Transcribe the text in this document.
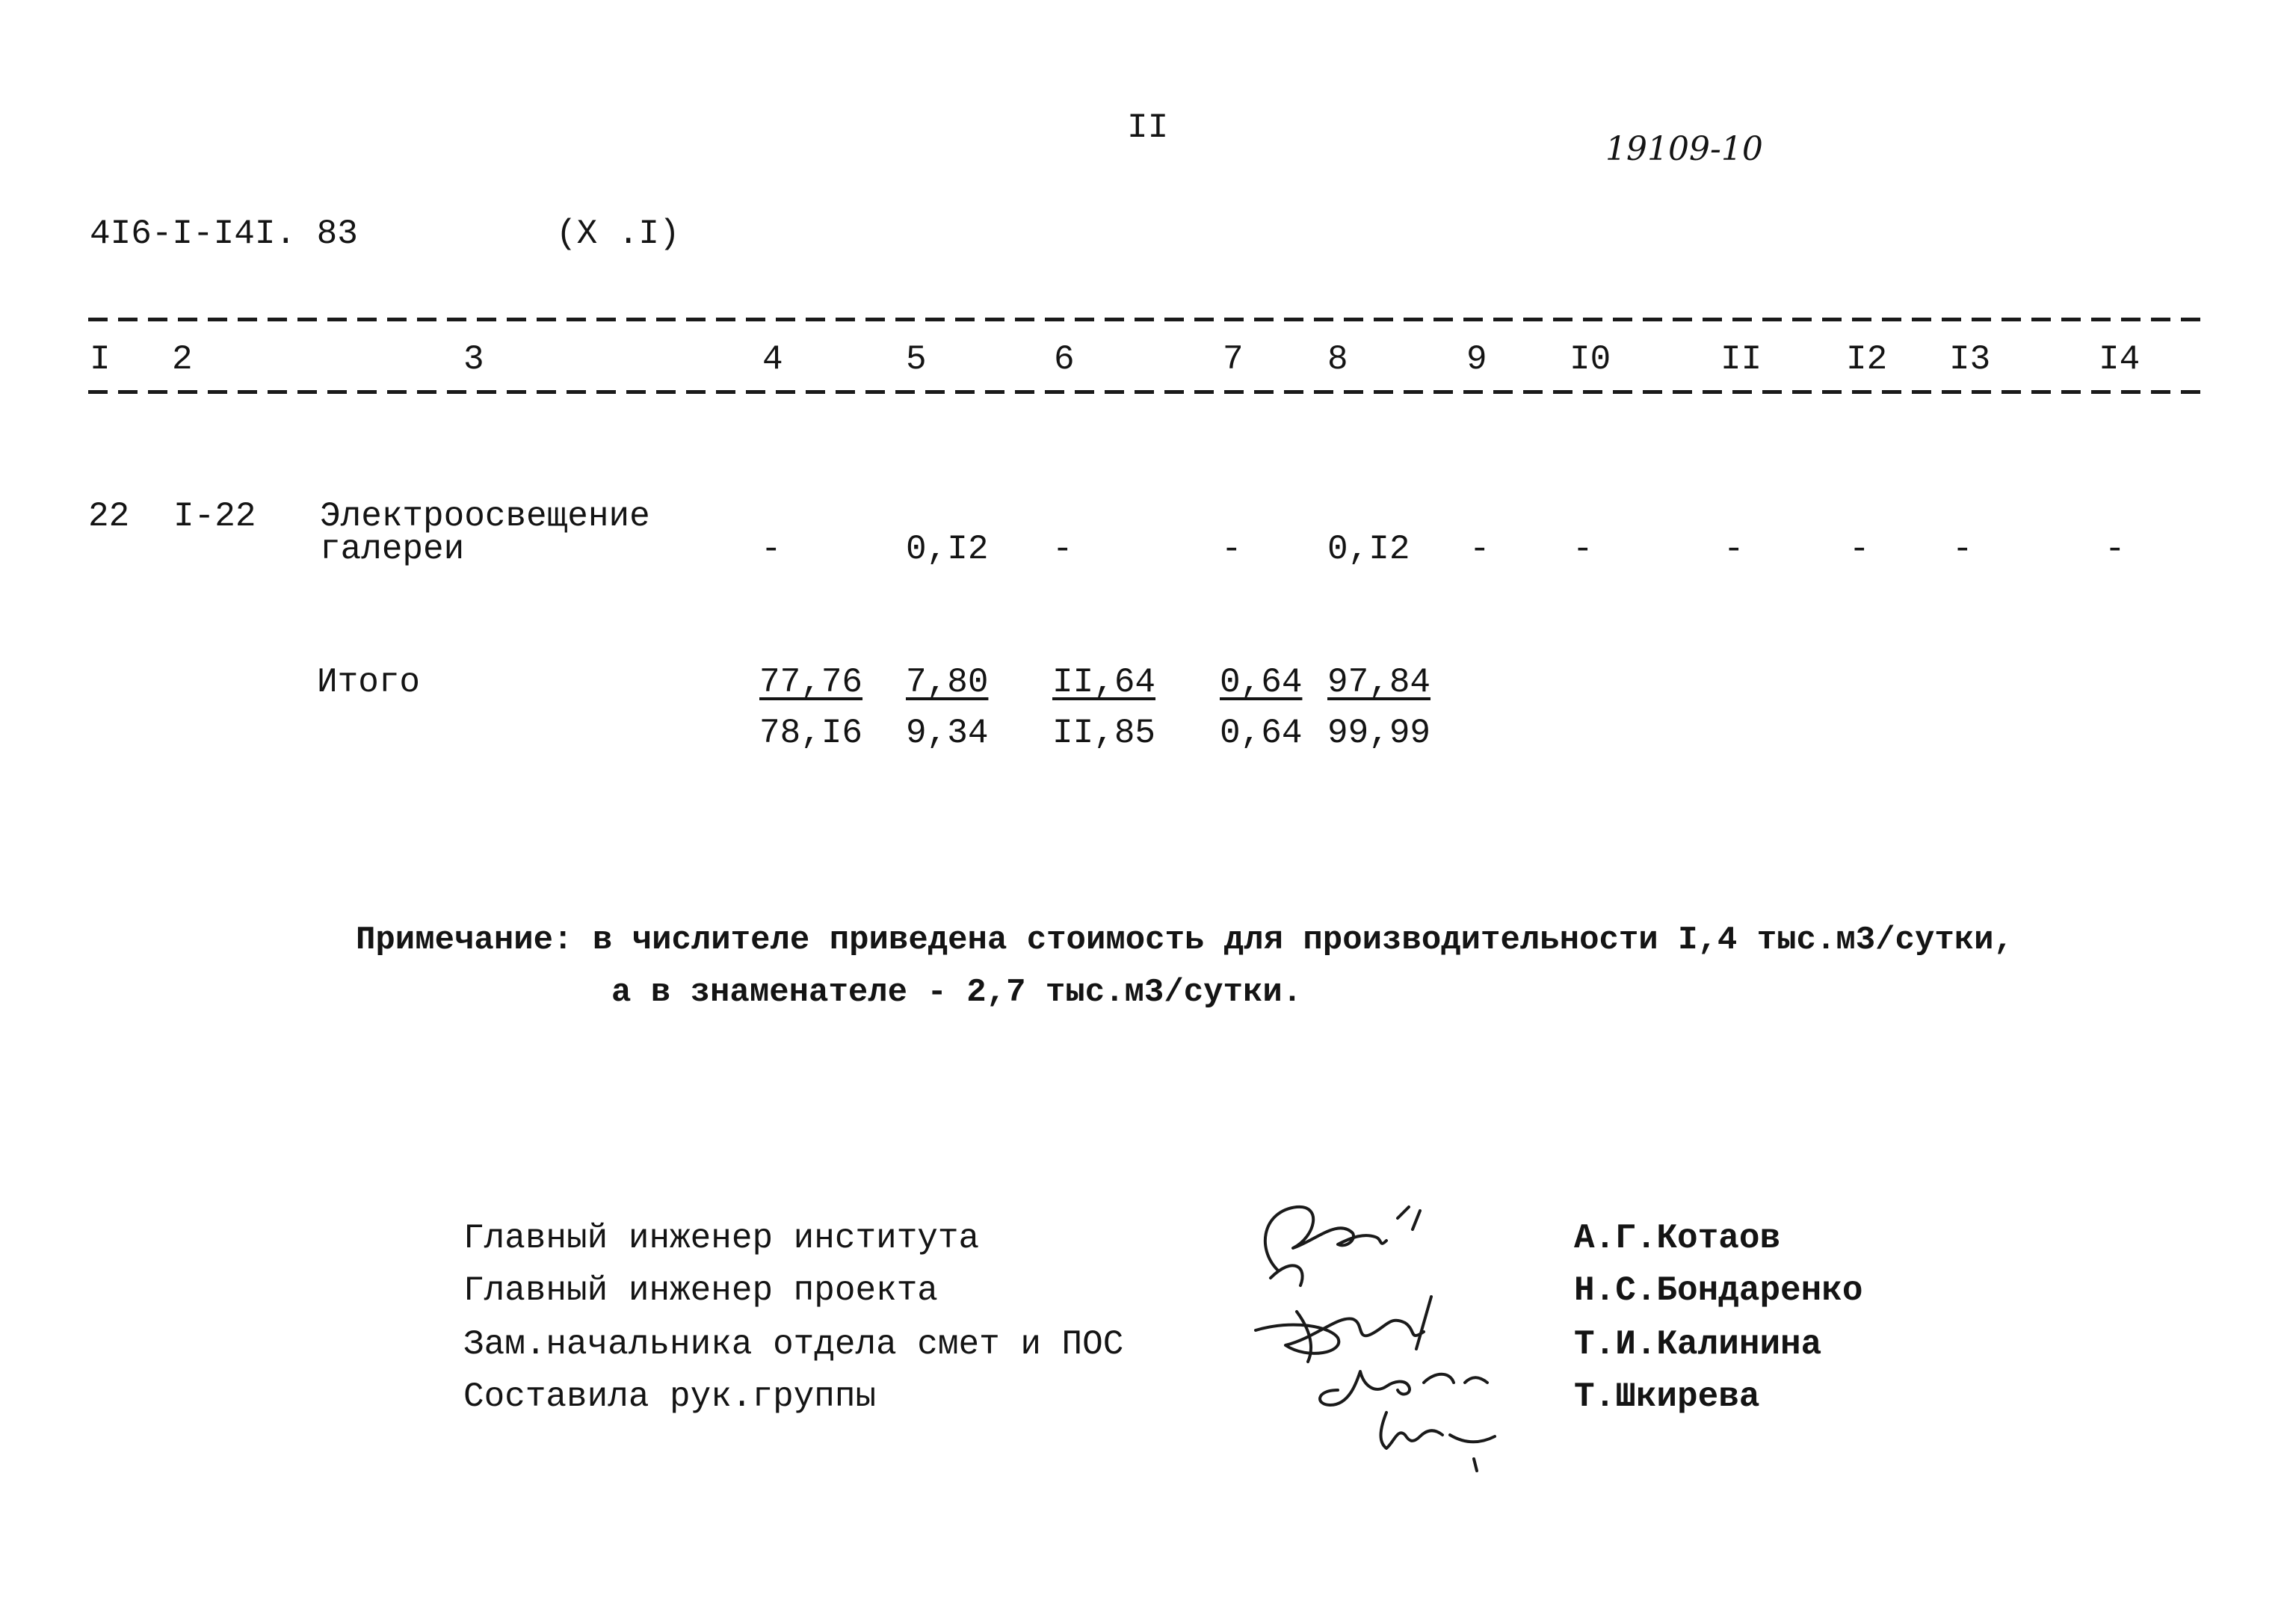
II
19109-10
4I6-I-I4I. 83	(X .I)
I 2	3	4	5	6	7 8	9 I0	II I2 I3	I4
22 I-22 Электроосвещение
галереи	-	0,I2 -	- 0,I2 - -	-	- -	-
Итого	77,76 7,80 II,64 0,64 97,84
78,I6 9,34 II,85 0,64 99,99
Примечание: в числителе приведена стоимость для производительности I,4 тыс.м3/сутки,
а в знаменателе - 2,7 тыс.м3/сутки.
Главный инженер института
Главный инженер проекта
Зам.начальника отдела смет и ПОС
Составила рук.группы
А.Г.Котаов
Н.С.Бондаренко
Т.И.Калинина
Т.Шкирева
